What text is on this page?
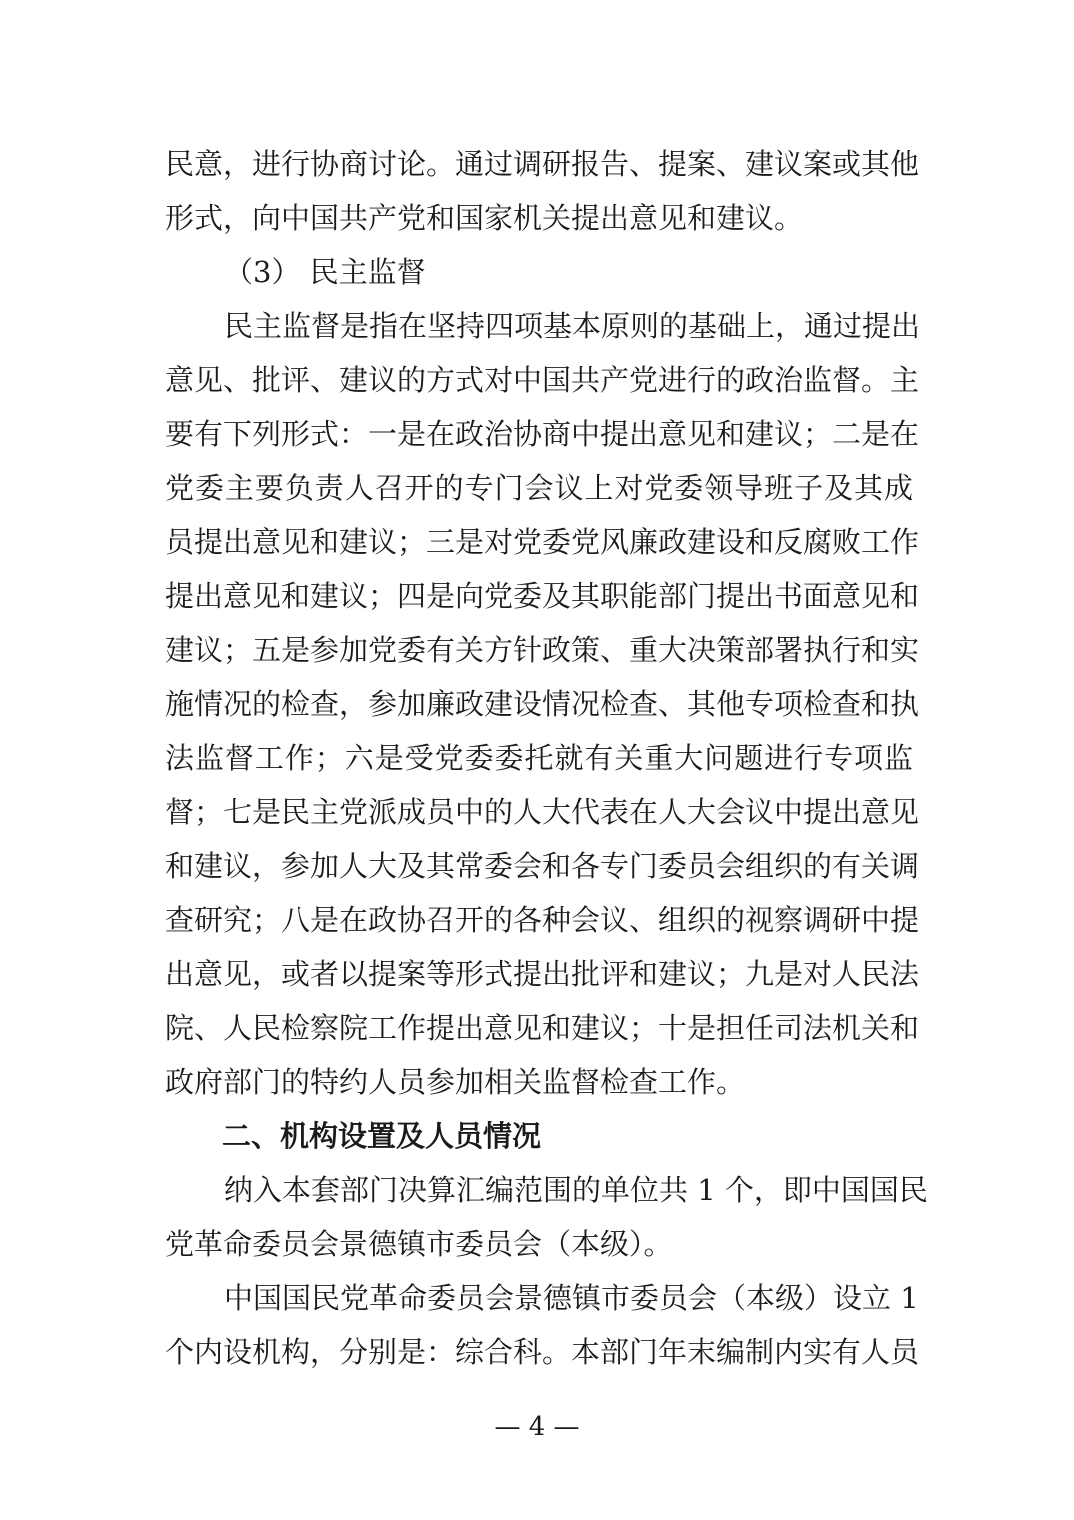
民意，进行协商讨论。通过调研报告、提案、建议案或其他
形式，向中国共产党和国家机关提出意见和建议。
（3） 民主监督
民主监督是指在坚持四项基本原则的基础上，通过提出
意见、批评、建议的方式对中国共产党进行的政治监督。主
要有下列形式：一是在政治协商中提出意见和建议；二是在
党委主要负责人召开的专门会议上对党委领导班子及其成
员提出意见和建议；三是对党委党风廉政建设和反腐败工作
提出意见和建议；四是向党委及其职能部门提出书面意见和
建议；五是参加党委有关方针政策、重大决策部署执行和实
施情况的检查，参加廉政建设情况检查、其他专项检查和执
法监督工作；六是受党委委托就有关重大问题进行专项监
督；七是民主党派成员中的人大代表在人大会议中提出意见
和建议，参加人大及其常委会和各专门委员会组织的有关调
查研究；八是在政协召开的各种会议、组织的视察调研中提
出意见，或者以提案等形式提出批评和建议；九是对人民法
院、人民检察院工作提出意见和建议；十是担任司法机关和
政府部门的特约人员参加相关监督检查工作。
二、机构设置及人员情况
纳入本套部门决算汇编范围的单位共 1 个，即中国国民
党革命委员会景德镇市委员会（本级）。
中国国民党革命委员会景德镇市委员会（本级）设立 1
个内设机构，分别是：综合科。本部门年末编制内实有人员
— 4 —
